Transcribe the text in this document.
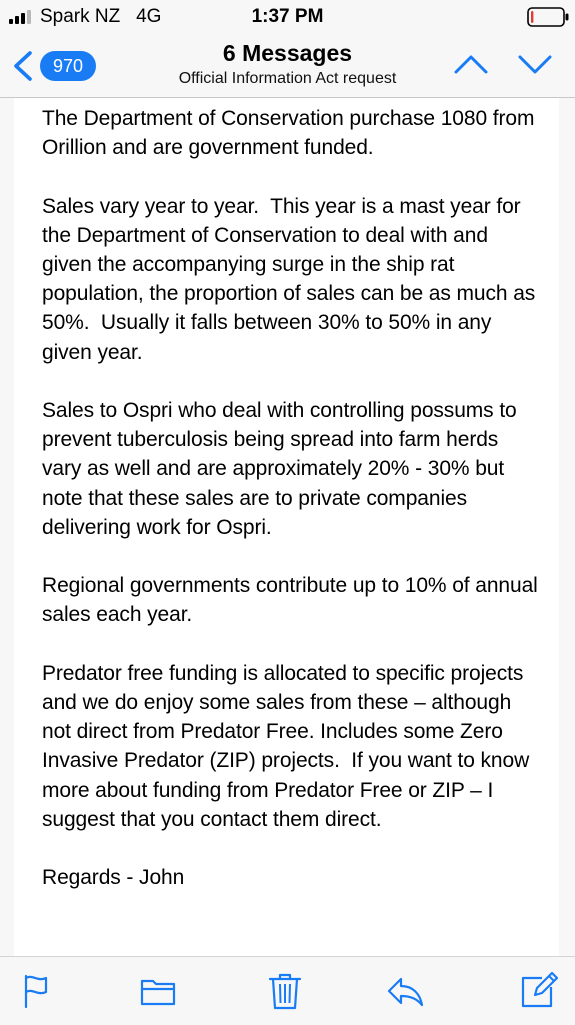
Spark NZ 4G	1:37 PM
970	6 Messages
Official Information Act request

The Department of Conservation purchase 1080 from Orillion and are government funded.

Sales vary year to year.  This year is a mast year for the Department of Conservation to deal with and given the accompanying surge in the ship rat population, the proportion of sales can be as much as 50%.  Usually it falls between 30% to 50% in any given year.

Sales to Ospri who deal with controlling possums to prevent tuberculosis being spread into farm herds vary as well and are approximately 20% - 30% but note that these sales are to private companies delivering work for Ospri.

Regional governments contribute up to 10% of annual sales each year.

Predator free funding is allocated to specific projects and we do enjoy some sales from these – although not direct from Predator Free. Includes some Zero Invasive Predator (ZIP) projects.  If you want to know more about funding from Predator Free or ZIP – I suggest that you contact them direct.

Regards - John
